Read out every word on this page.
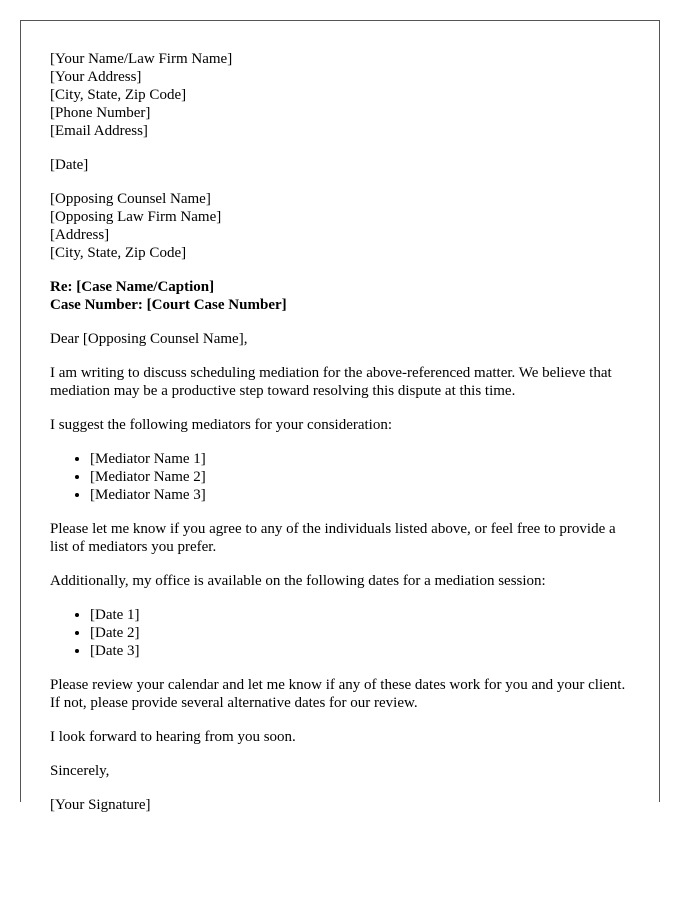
[Your Name/Law Firm Name]
[Your Address]
[City, State, Zip Code]
[Phone Number]
[Email Address]
[Date]
[Opposing Counsel Name]
[Opposing Law Firm Name]
[Address]
[City, State, Zip Code]
Re: [Case Name/Caption]
Case Number: [Court Case Number]

Dear [Opposing Counsel Name],

I am writing to discuss scheduling mediation for the above-referenced matter. We believe that mediation may be a productive step toward resolving this dispute at this time.

I suggest the following mediators for your consideration:

• [Mediator Name 1]
• [Mediator Name 2]
• [Mediator Name 3]

Please let me know if you agree to any of the individuals listed above, or feel free to provide a list of mediators you prefer.

Additionally, my office is available on the following dates for a mediation session:

• [Date 1]
• [Date 2]
• [Date 3]

Please review your calendar and let me know if any of these dates work for you and your client. If not, please provide several alternative dates for our review.

I look forward to hearing from you soon.

Sincerely,

[Your Signature]
